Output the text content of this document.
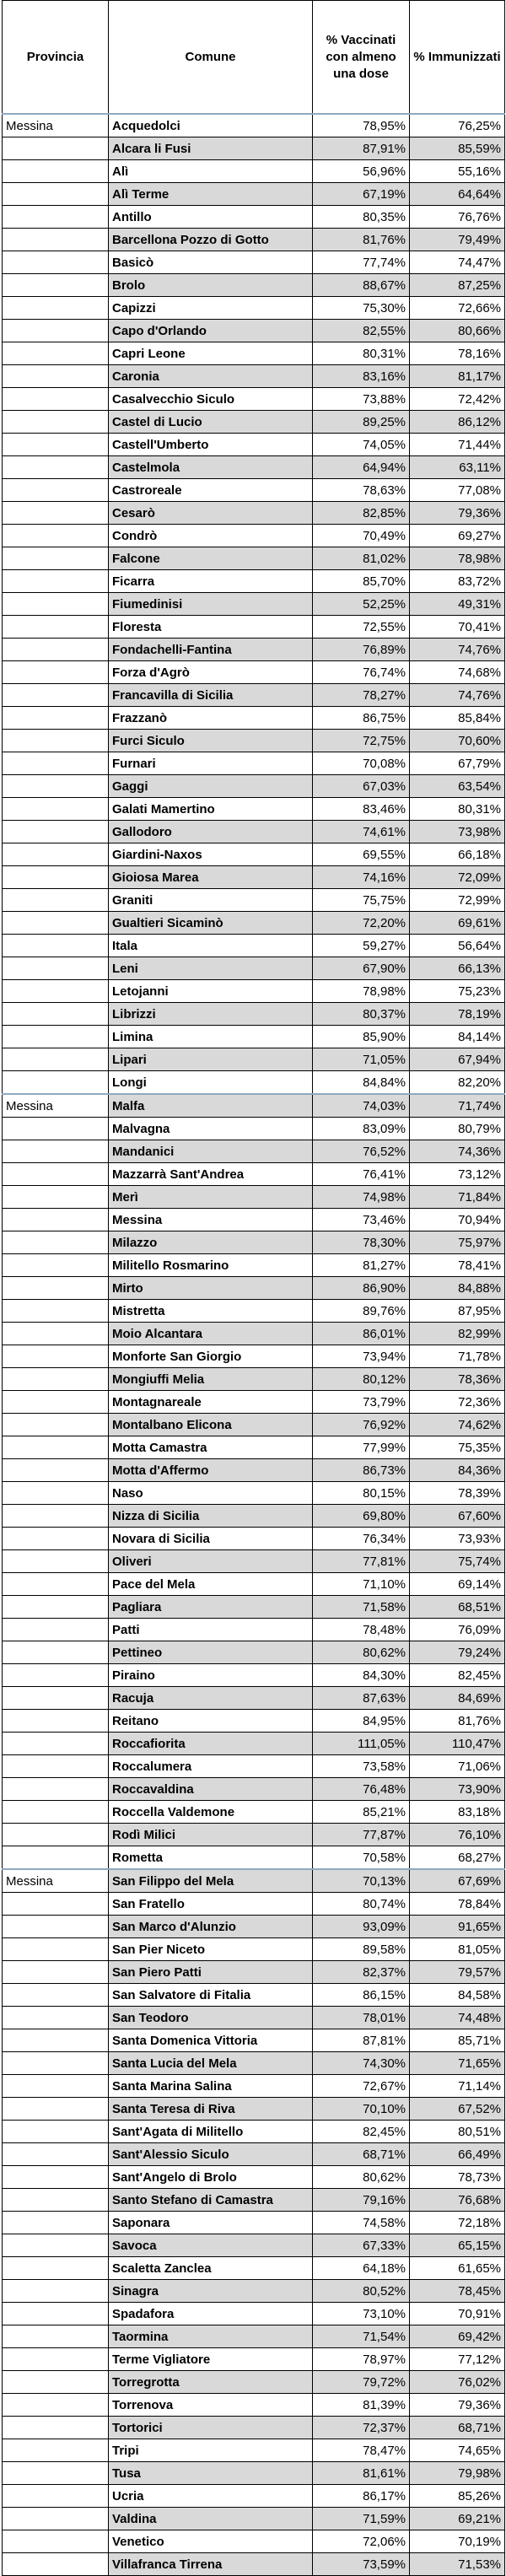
Provincia	Comune	% Vaccinati con almeno una dose	% Immunizzati
Messina	Acquedolci	78,95%	76,25%
	Alcara li Fusi	87,91%	85,59%
	Alì	56,96%	55,16%
	Alì Terme	67,19%	64,64%
	Antillo	80,35%	76,76%
	Barcellona Pozzo di Gotto	81,76%	79,49%
	Basicò	77,74%	74,47%
	Brolo	88,67%	87,25%
	Capizzi	75,30%	72,66%
	Capo d'Orlando	82,55%	80,66%
	Capri Leone	80,31%	78,16%
	Caronia	83,16%	81,17%
	Casalvecchio Siculo	73,88%	72,42%
	Castel di Lucio	89,25%	86,12%
	Castell'Umberto	74,05%	71,44%
	Castelmola	64,94%	63,11%
	Castroreale	78,63%	77,08%
	Cesarò	82,85%	79,36%
	Condrò	70,49%	69,27%
	Falcone	81,02%	78,98%
	Ficarra	85,70%	83,72%
	Fiumedinisi	52,25%	49,31%
	Floresta	72,55%	70,41%
	Fondachelli-Fantina	76,89%	74,76%
	Forza d'Agrò	76,74%	74,68%
	Francavilla di Sicilia	78,27%	74,76%
	Frazzanò	86,75%	85,84%
	Furci Siculo	72,75%	70,60%
	Furnari	70,08%	67,79%
	Gaggi	67,03%	63,54%
	Galati Mamertino	83,46%	80,31%
	Gallodoro	74,61%	73,98%
	Giardini-Naxos	69,55%	66,18%
	Gioiosa Marea	74,16%	72,09%
	Graniti	75,75%	72,99%
	Gualtieri Sicaminò	72,20%	69,61%
	Itala	59,27%	56,64%
	Leni	67,90%	66,13%
	Letojanni	78,98%	75,23%
	Librizzi	80,37%	78,19%
	Limina	85,90%	84,14%
	Lipari	71,05%	67,94%
	Longi	84,84%	82,20%
Messina	Malfa	74,03%	71,74%
	Malvagna	83,09%	80,79%
	Mandanici	76,52%	74,36%
	Mazzarrà Sant'Andrea	76,41%	73,12%
	Merì	74,98%	71,84%
	Messina	73,46%	70,94%
	Milazzo	78,30%	75,97%
	Militello Rosmarino	81,27%	78,41%
	Mirto	86,90%	84,88%
	Mistretta	89,76%	87,95%
	Moio Alcantara	86,01%	82,99%
	Monforte San Giorgio	73,94%	71,78%
	Mongiuffi Melia	80,12%	78,36%
	Montagnareale	73,79%	72,36%
	Montalbano Elicona	76,92%	74,62%
	Motta Camastra	77,99%	75,35%
	Motta d'Affermo	86,73%	84,36%
	Naso	80,15%	78,39%
	Nizza di Sicilia	69,80%	67,60%
	Novara di Sicilia	76,34%	73,93%
	Oliveri	77,81%	75,74%
	Pace del Mela	71,10%	69,14%
	Pagliara	71,58%	68,51%
	Patti	78,48%	76,09%
	Pettineo	80,62%	79,24%
	Piraino	84,30%	82,45%
	Racuja	87,63%	84,69%
	Reitano	84,95%	81,76%
	Roccafiorita	111,05%	110,47%
	Roccalumera	73,58%	71,06%
	Roccavaldina	76,48%	73,90%
	Roccella Valdemone	85,21%	83,18%
	Rodì Milici	77,87%	76,10%
	Rometta	70,58%	68,27%
Messina	San Filippo del Mela	70,13%	67,69%
	San Fratello	80,74%	78,84%
	San Marco d'Alunzio	93,09%	91,65%
	San Pier Niceto	89,58%	81,05%
	San Piero Patti	82,37%	79,57%
	San Salvatore di Fitalia	86,15%	84,58%
	San Teodoro	78,01%	74,48%
	Santa Domenica Vittoria	87,81%	85,71%
	Santa Lucia del Mela	74,30%	71,65%
	Santa Marina Salina	72,67%	71,14%
	Santa Teresa di Riva	70,10%	67,52%
	Sant'Agata di Militello	82,45%	80,51%
	Sant'Alessio Siculo	68,71%	66,49%
	Sant'Angelo di Brolo	80,62%	78,73%
	Santo Stefano di Camastra	79,16%	76,68%
	Saponara	74,58%	72,18%
	Savoca	67,33%	65,15%
	Scaletta Zanclea	64,18%	61,65%
	Sinagra	80,52%	78,45%
	Spadafora	73,10%	70,91%
	Taormina	71,54%	69,42%
	Terme Vigliatore	78,97%	77,12%
	Torregrotta	79,72%	76,02%
	Torrenova	81,39%	79,36%
	Tortorici	72,37%	68,71%
	Tripi	78,47%	74,65%
	Tusa	81,61%	79,98%
	Ucria	86,17%	85,26%
	Valdina	71,59%	69,21%
	Venetico	72,06%	70,19%
	Villafranca Tirrena	73,59%	71,53%
